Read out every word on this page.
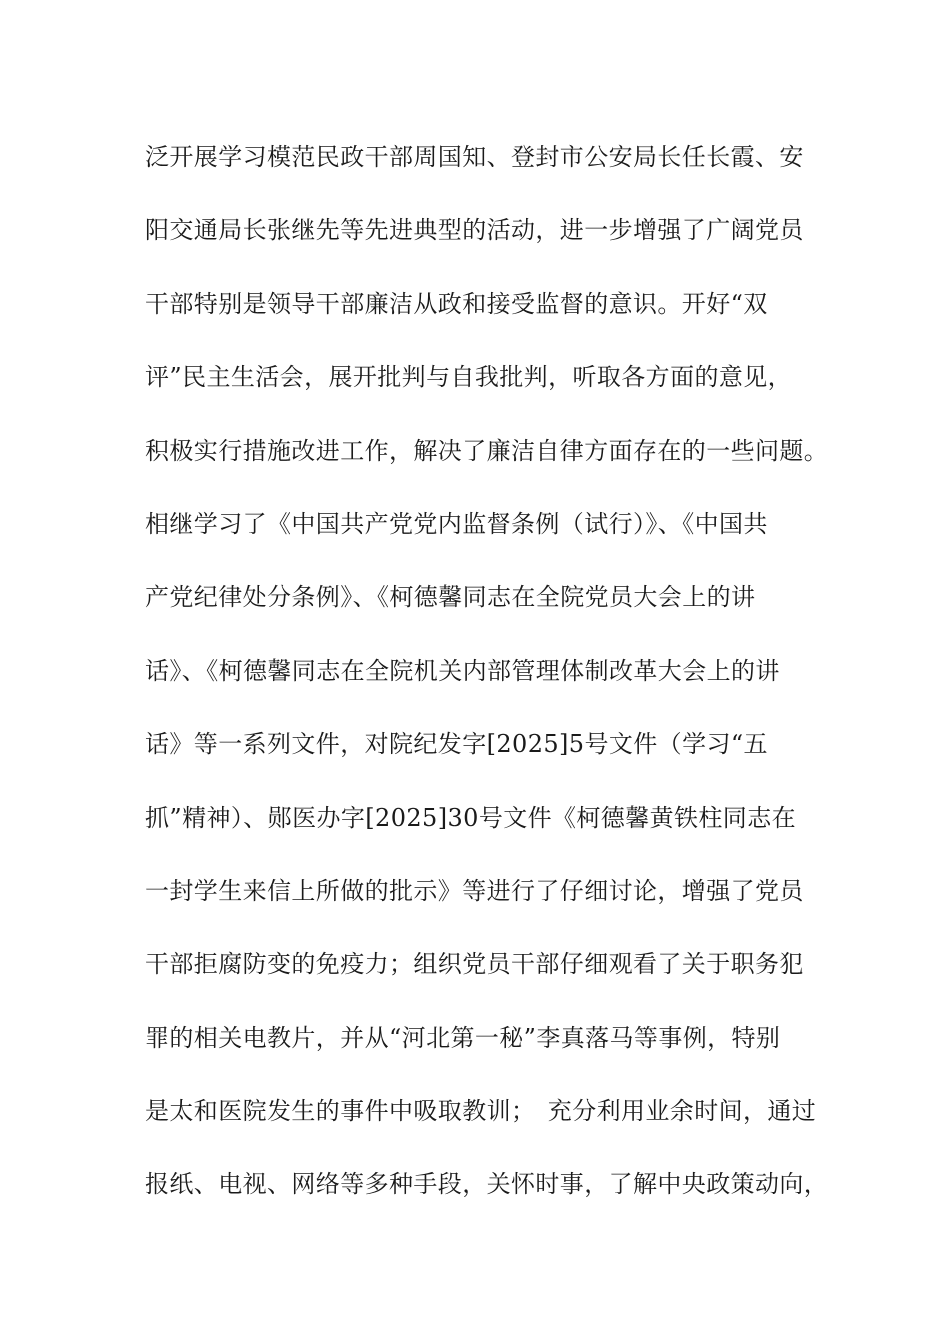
泛开展学习模范民政干部周国知、登封市公安局长任长霞、安
阳交通局长张继先等先进典型的活动，进一步增强了广阔党员
干部特别是领导干部廉洁从政和接受监督的意识。开好“双
评”民主生活会，展开批判与自我批判，听取各方面的意见，
积极实行措施改进工作，解决了廉洁自律方面存在的一些问题。
相继学习了《中国共产党党内监督条例（试行）》、《中国共
产党纪律处分条例》、《柯德馨同志在全院党员大会上的讲
话》、《柯德馨同志在全院机关内部管理体制改革大会上的讲
话》等一系列文件，对院纪发字[2025]5号文件（学习“五
抓”精神）、郧医办字[2025]30号文件《柯德馨黄铁柱同志在
一封学生来信上所做的批示》等进行了仔细讨论，增强了党员
干部拒腐防变的免疫力；组织党员干部仔细观看了关于职务犯
罪的相关电教片，并从“河北第一秘”李真落马等事例，特别
是太和医院发生的事件中吸取教训；　充分利用业余时间，通过
报纸、电视、网络等多种手段，关怀时事，了解中央政策动向，
